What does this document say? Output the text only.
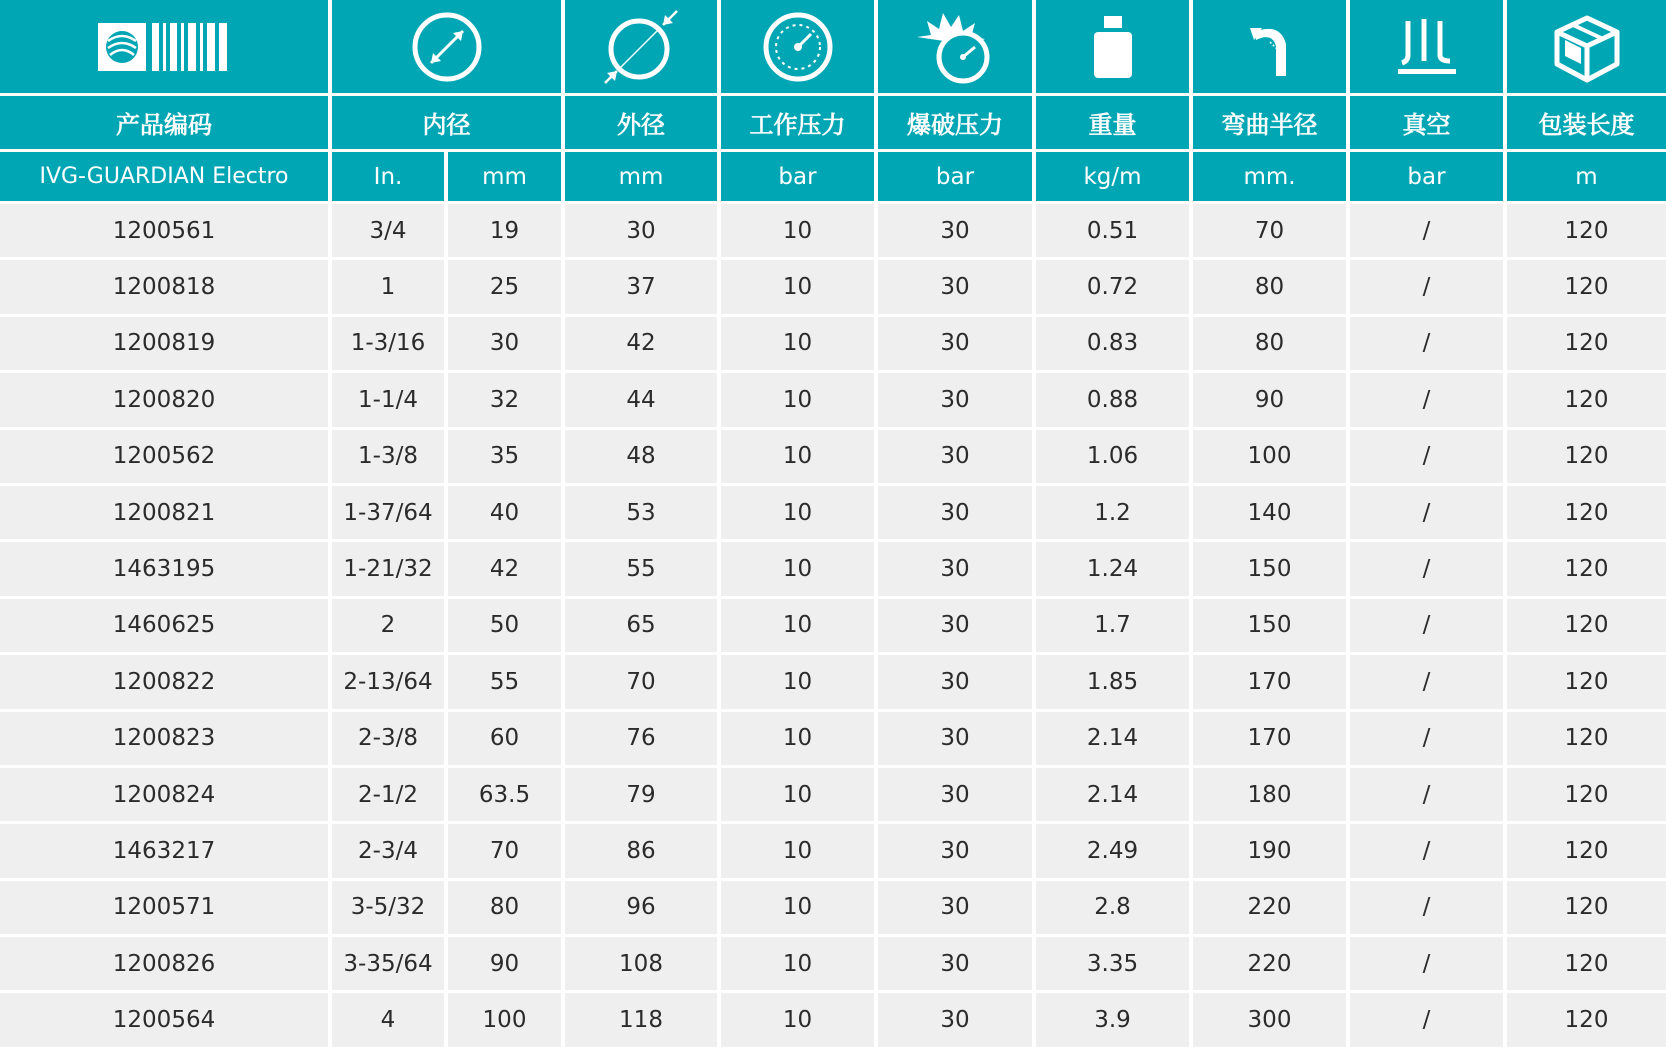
产品编码	内径		外径	工作压力	爆破压力	重量	弯曲半径	真空	包装长度
IVG-GUARDIAN Electro	In.	mm	mm	bar	bar	kg/m	mm.	bar	m
1200561	3/4	19	30	10	30	0.51	70	/	120
1200818	1	25	37	10	30	0.72	80	/	120
1200819	1-3/16	30	42	10	30	0.83	80	/	120
1200820	1-1/4	32	44	10	30	0.88	90	/	120
1200562	1-3/8	35	48	10	30	1.06	100	/	120
1200821	1-37/64	40	53	10	30	1.2	140	/	120
1463195	1-21/32	42	55	10	30	1.24	150	/	120
1460625	2	50	65	10	30	1.7	150	/	120
1200822	2-13/64	55	70	10	30	1.85	170	/	120
1200823	2-3/8	60	76	10	30	2.14	170	/	120
1200824	2-1/2	63.5	79	10	30	2.14	180	/	120
1463217	2-3/4	70	86	10	30	2.49	190	/	120
1200571	3-5/32	80	96	10	30	2.8	220	/	120
1200826	3-35/64	90	108	10	30	3.35	220	/	120
1200564	4	100	118	10	30	3.9	300	/	120
